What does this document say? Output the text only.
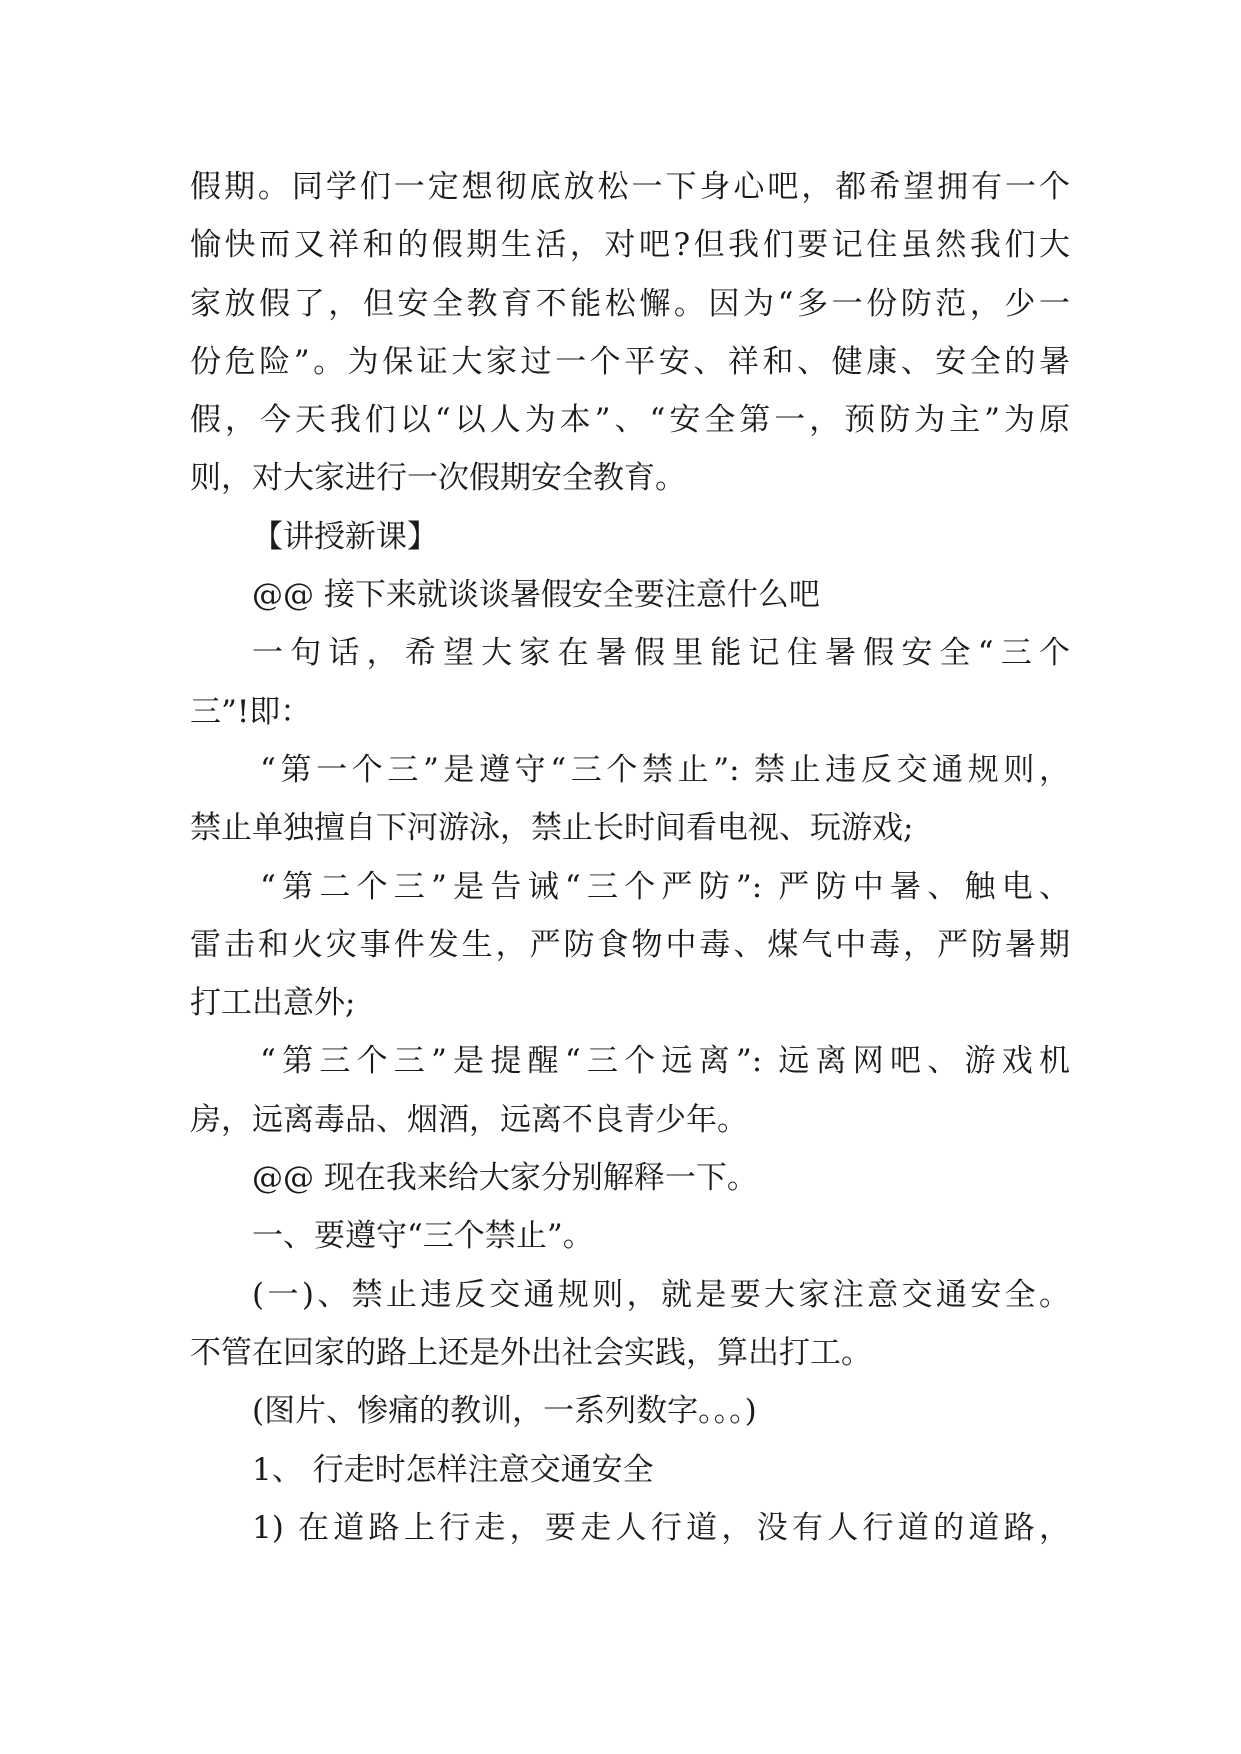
假期。同学们一定想彻底放松一下身心吧，都希望拥有一个
愉快而又祥和的假期生活，对吧?但我们要记住虽然我们大
家放假了，但安全教育不能松懈。因为“多一份防范，少一
份危险”。为保证大家过一个平安、祥和、健康、安全的暑
假，今天我们以“以人为本”、“安全第一，预防为主”为原
则，对大家进行一次假期安全教育。
【讲授新课】
@@ 接下来就谈谈暑假安全要注意什么吧
一句话，希望大家在暑假里能记住暑假安全“三个
三”!即：
“第一个三”是遵守“三个禁止”: 禁止违反交通规则，
禁止单独擅自下河游泳，禁止长时间看电视、玩游戏;
“第二个三”是告诫“三个严防”: 严防中暑、触电、
雷击和火灾事件发生，严防食物中毒、煤气中毒，严防暑期
打工出意外;
“第三个三”是提醒“三个远离”: 远离网吧、游戏机
房，远离毒品、烟酒，远离不良青少年。
@@ 现在我来给大家分别解释一下。
一、要遵守“三个禁止”。
(一)、禁止违反交通规则，就是要大家注意交通安全。
不管在回家的路上还是外出社会实践，算出打工。
(图片、惨痛的教训，一系列数字。。。)
1、 行走时怎样注意交通安全
1) 在道路上行走，要走人行道，没有人行道的道路，
